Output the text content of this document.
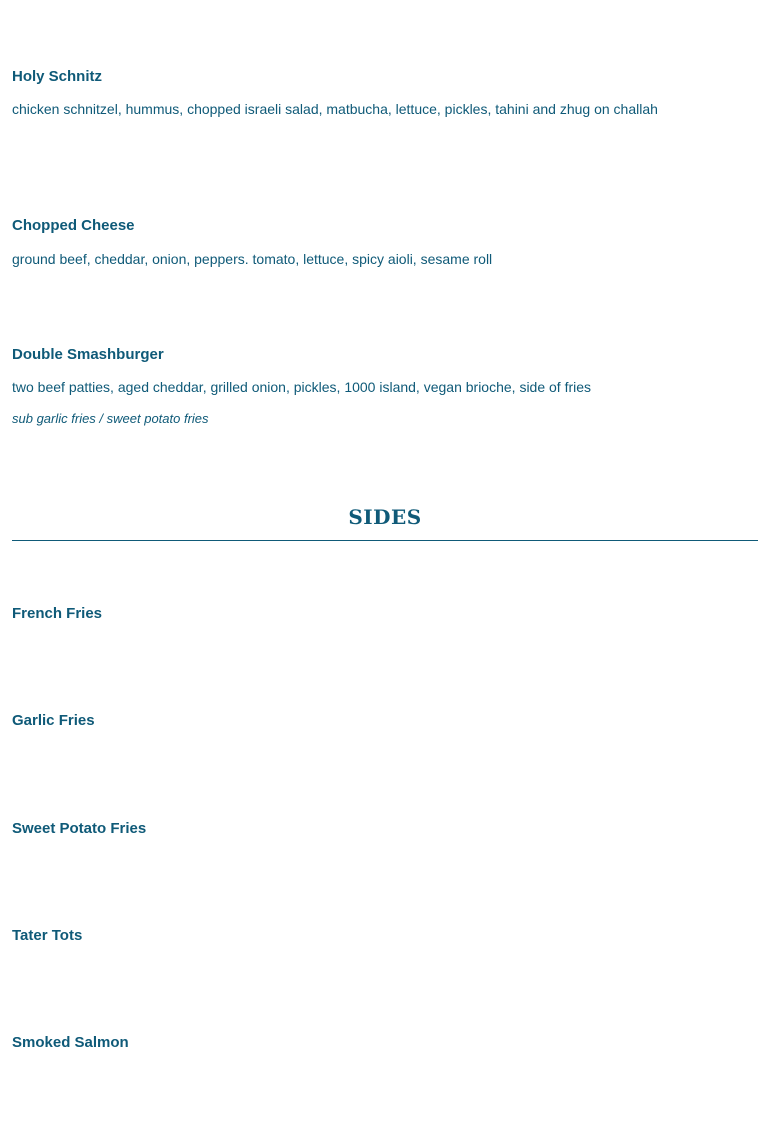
Holy Schnitz

chicken schnitzel, hummus, chopped israeli salad, matbucha, lettuce, pickles, tahini and zhug on challah

Chopped Cheese

ground beef, cheddar, onion, peppers. tomato, lettuce, spicy aioli, sesame roll

Double Smashburger

two beef patties, aged cheddar, grilled onion, pickles, 1000 island, vegan brioche, side of fries

sub garlic fries / sweet potato fries

SIDES
French Fries
Garlic Fries
Sweet Potato Fries
Tater Tots
Smoked Salmon
